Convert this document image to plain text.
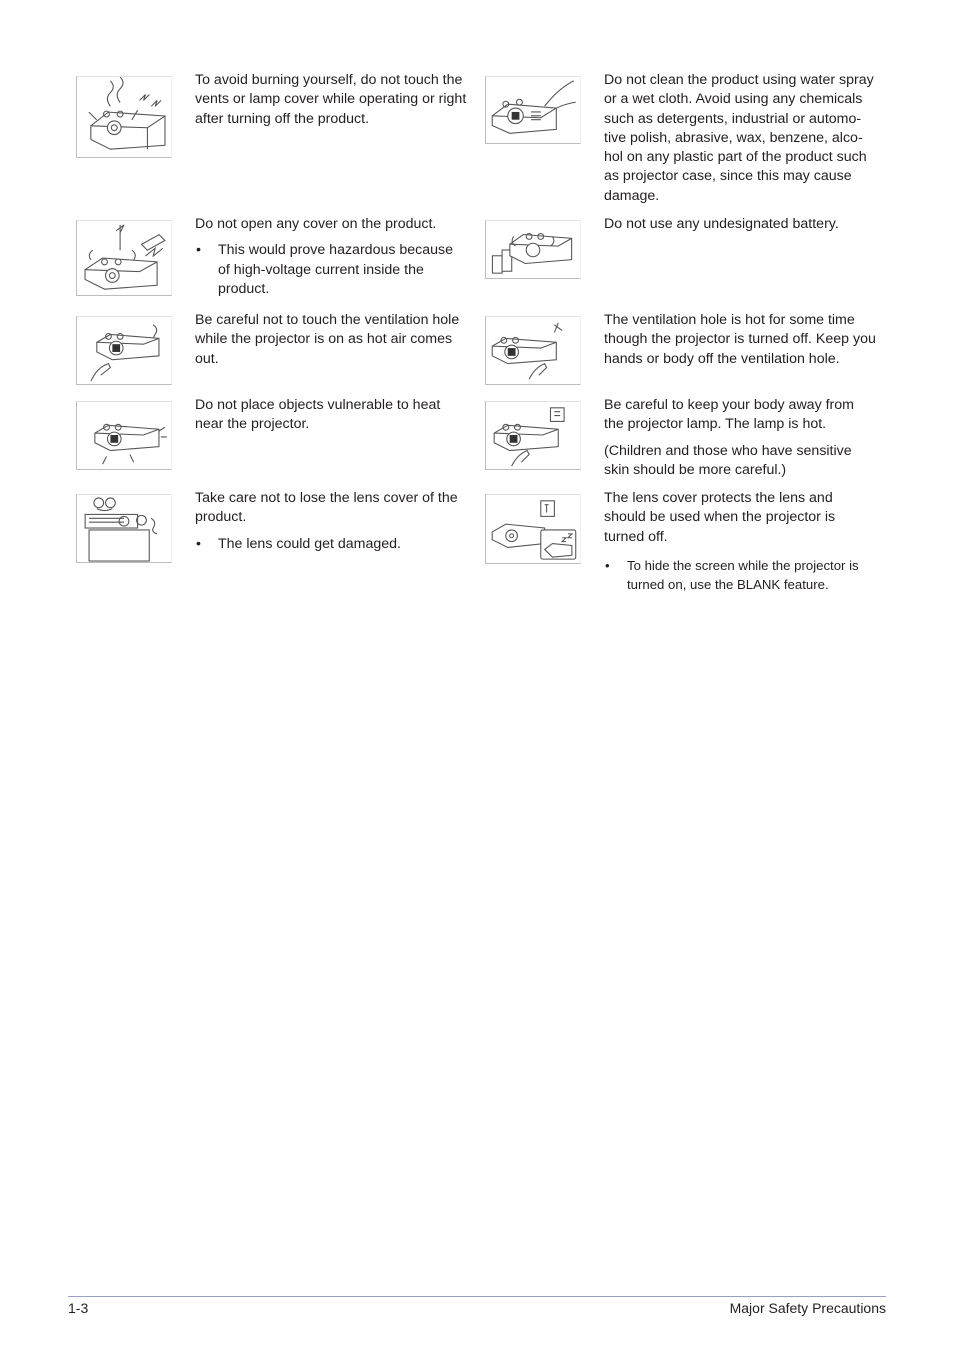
To avoid burning yourself, do not touch the vents or lamp cover while operating or right after turning off the product.

Do not clean the product using water spray or a wet cloth. Avoid using any chemicals such as detergents, industrial or automo-tive polish, abrasive, wax, benzene, alco-hol on any plastic part of the product such as projector case, since this may cause damage.

Do not open any cover on the product.

• This would prove hazardous because of high-voltage current inside the product.

Do not use any undesignated battery.

Be careful not to touch the ventilation hole while the projector is on as hot air comes out.

The ventilation hole is hot for some time though the projector is turned off. Keep you hands or body off the ventilation hole.

Do not place objects vulnerable to heat near the projector.

Be careful to keep your body away from the projector lamp. The lamp is hot.

(Children and those who have sensitive skin should be more careful.)

Take care not to lose the lens cover of the product.

• The lens could get damaged.

The lens cover protects the lens and should be used when the projector is turned off.

• To hide the screen while the projector is turned on, use the BLANK feature.
1-3	Major Safety Precautions
